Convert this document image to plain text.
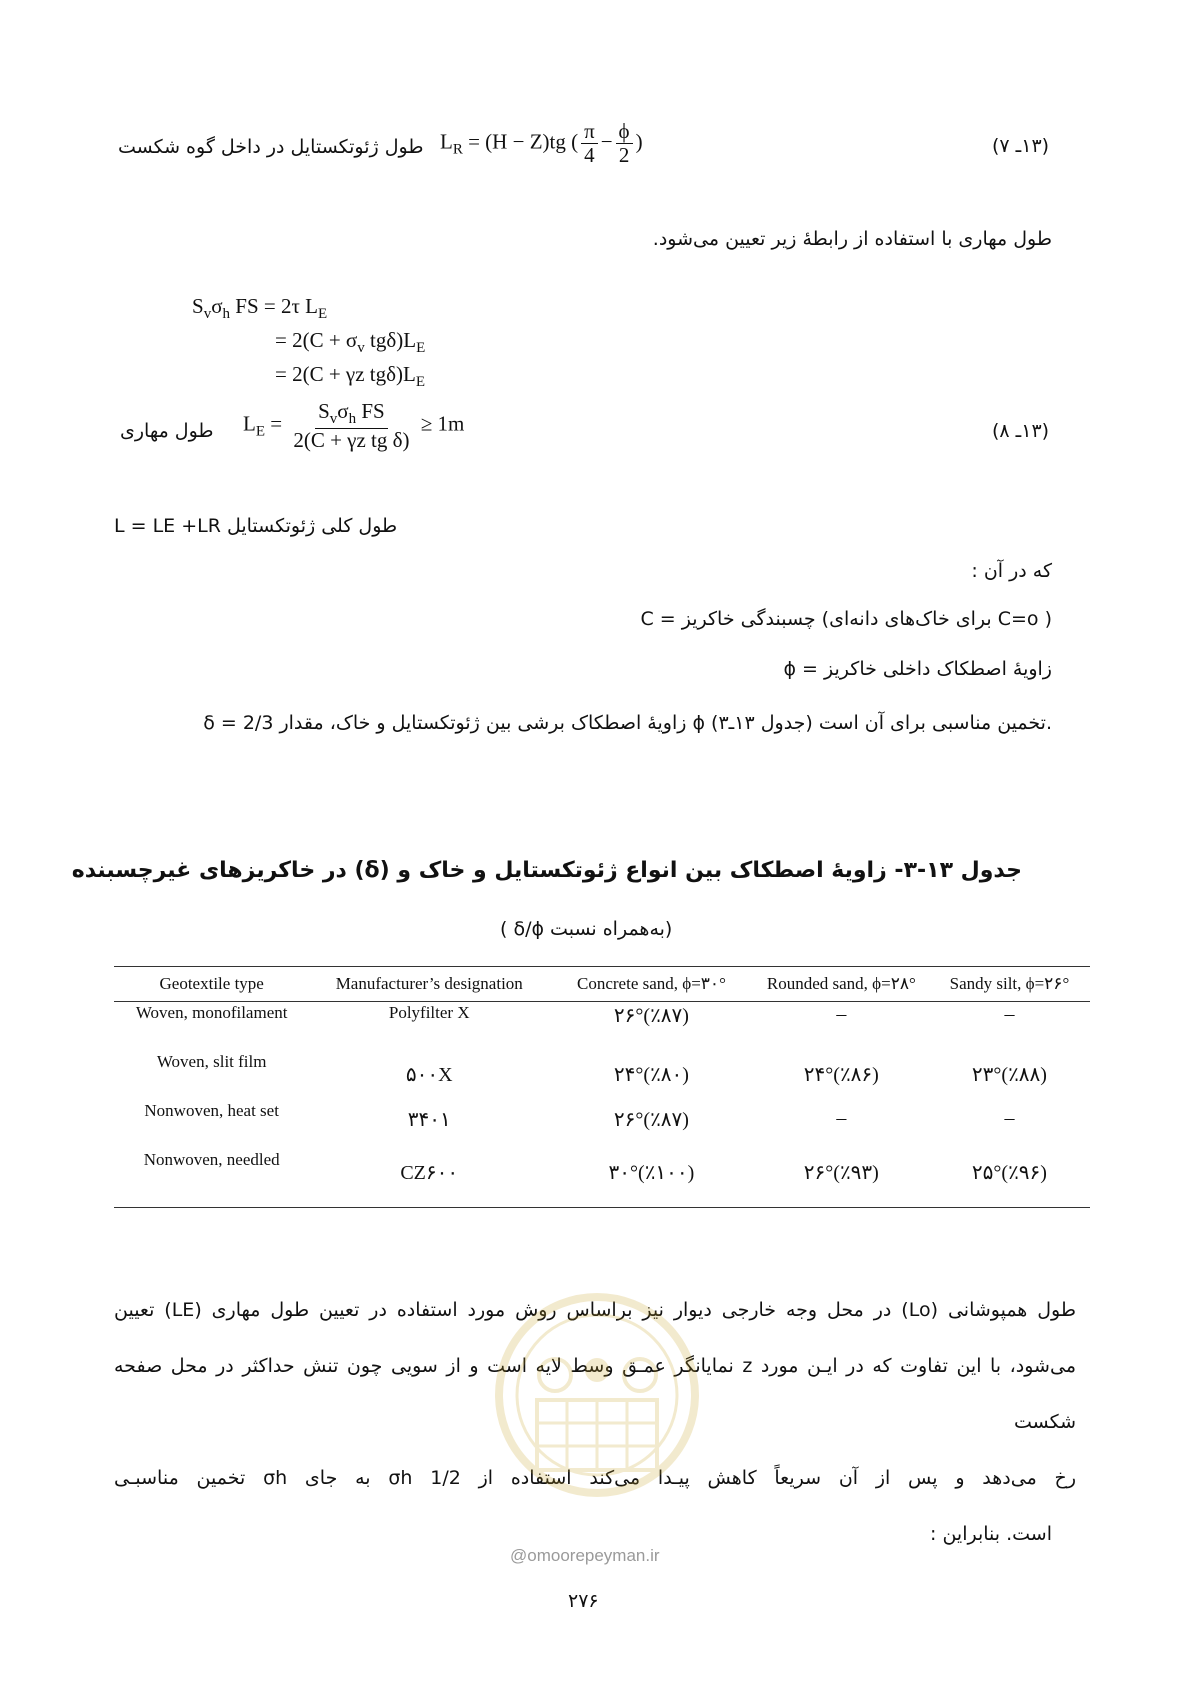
(۱۳ـ ۷)
$L_R = (H - Z)tg$ ( $\frac{\pi}{4} - \frac{\phi}{2}$ )
طول ژئوتکستایل در داخل گوه شکست
طول مهاری با استفاده از رابطهٔ زیر تعیین می‌شود.
$S_v\sigma_h$ FS = 2τ $L_E$
= $2(C + \sigma_v$ $tg\delta)L_E$
= 2(C + γz $tg\delta)L_E$
$L_E = \frac{S_v\sigma_h FS}{\text{2(C + γz tg δ)}} \ge 1m$
طول مهاری	(۱۳ـ ۸)
طول کلی ژئوتکستایل L = LE +LR
که در آن :
C = چسبندگی خاکریز (برای خاک‌های دانه‌ای C=o )
ϕ = زاویهٔ اصطکاک داخلی خاکریز
δ = زاویهٔ اصطکاک برشی بین ژئوتکستایل و خاک، مقدار 2/3 ϕ تخمین مناسبی برای آن است (جدول ۱۳ـ۳).
جدول ۱۳-۳- زاویهٔ اصطکاک بین انواع ژئوتکستایل و خاک و (δ) در خاکریزهای غیرچسبنده
(به‌همراه نسبت δ/ϕ )
Geotextile type	Manufacturer’s designation	Concrete sand, ϕ=۳۰°	Rounded sand, ϕ=۲۸°	Sandy silt, ϕ=۲۶°
Woven, monofilament	Polyfilter X	۲۶°(٪۸۷)	–	–
Woven, slit film	۵۰۰X	۲۴°(٪۸۰)	۲۴°(٪۸۶)	۲۳°(٪۸۸)
Nonwoven, heat set	۳۴۰۱	۲۶°(٪۸۷)	–	–
Nonwoven, needled	CZ۶۰۰	۳۰°(٪۱۰۰)	۲۶°(٪۹۳)	۲۵°(٪۹۶)
طول همپوشانی (Lo) در محل وجه خارجی دیوار نیز براساس روش مورد استفاده در تعیین طول مهاری (LE) تعیین
می‌شود، با این تفاوت که در ایـن مورد z نمایانگر عمـق وسط لایه است و از سویی چون تنش حداکثر در محل صفحه شکست
رخ می‌دهد و پس از آن سریعاً کاهش پیـدا می‌کند استفاده از 1/2 σh به جای σh تخمین مناسبـی
است. بنابراین :
@omoorepeyman.ir
۲۷۶
